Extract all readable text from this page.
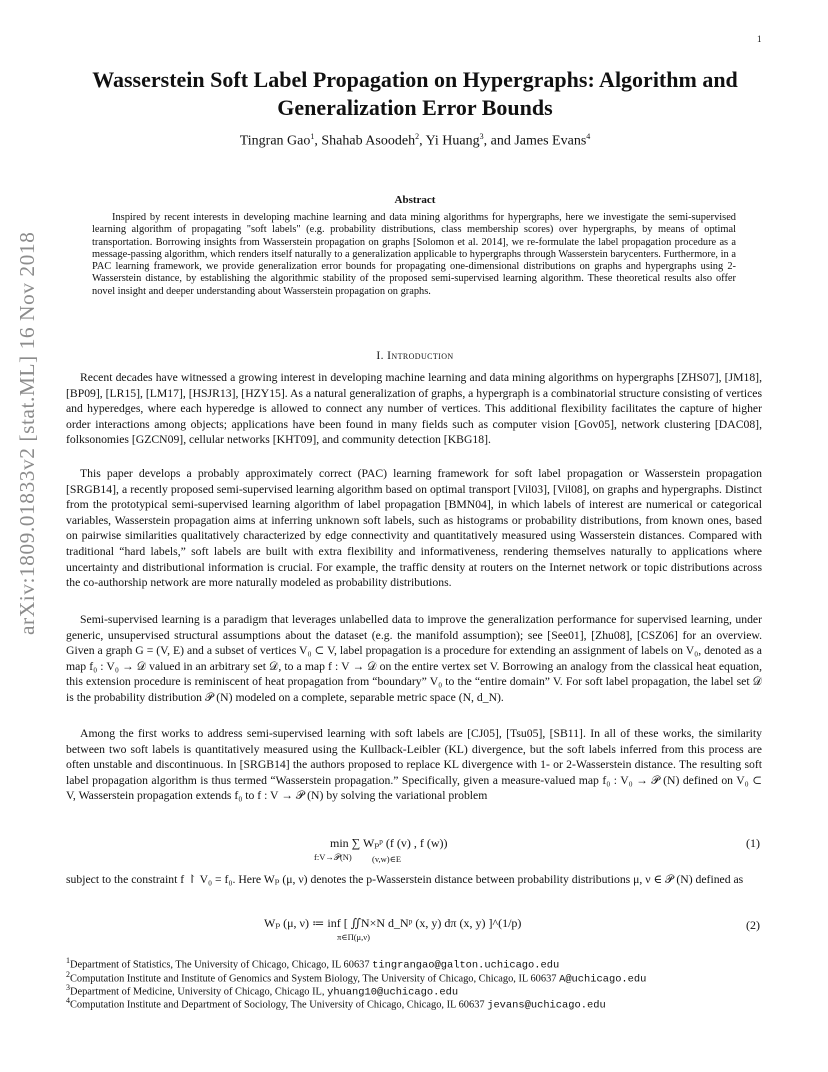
1
arXiv:1809.01833v2 [stat.ML] 16 Nov 2018
Wasserstein Soft Label Propagation on Hypergraphs: Algorithm and Generalization Error Bounds
Tingran Gao$^1$, Shahab Asoodeh$^2$, Yi Huang$^3$, and James Evans$^4$
Abstract
Inspired by recent interests in developing machine learning and data mining algorithms for hypergraphs, here we investigate the semi-supervised learning algorithm of propagating "soft labels" (e.g. probability distributions, class membership scores) over hypergraphs, by means of optimal transportation. Borrowing insights from Wasserstein propagation on graphs [Solomon et al. 2014], we re-formulate the label propagation procedure as a message-passing algorithm, which renders itself naturally to a generalization applicable to hypergraphs through Wasserstein barycenters. Furthermore, in a PAC learning framework, we provide generalization error bounds for propagating one-dimensional distributions on graphs and hypergraphs using 2-Wasserstein distance, by establishing the algorithmic stability of the proposed semi-supervised learning algorithm. These theoretical results also offer novel insight and deeper understanding about Wasserstein propagation on graphs.
I. Introduction
Recent decades have witnessed a growing interest in developing machine learning and data mining algorithms on hypergraphs [ZHS07], [JM18], [BP09], [LR15], [LM17], [HSJR13], [HZY15]. As a natural generalization of graphs, a hypergraph is a combinatorial structure consisting of vertices and hyperedges, where each hyperedge is allowed to connect any number of vertices. This additional flexibility facilitates the capture of higher order interactions among objects; applications have been found in many fields such as computer vision [Gov05], network clustering [DAC08], folksonomies [GZCN09], cellular networks [KHT09], and community detection [KBG18].
This paper develops a probably approximately correct (PAC) learning framework for soft label propagation or Wasserstein propagation [SRGB14], a recently proposed semi-supervised learning algorithm based on optimal transport [Vil03], [Vil08], on graphs and hypergraphs. Distinct from the prototypical semi-supervised learning algorithm of label propagation [BMN04], in which labels of interest are numerical or categorical variables, Wasserstein propagation aims at inferring unknown soft labels, such as histograms or probability distributions, from known ones, based on pairwise similarities qualitatively characterized by edge connectivity and quantitatively measured using Wasserstein distances. Compared with traditional “hard labels,” soft labels are built with extra flexibility and informativeness, rendering themselves naturally to applications where uncertainty and distributional information is crucial. For example, the traffic density at routers on the Internet network or topic distributions across the co-authorship network are more naturally modeled as probability distributions.
Semi-supervised learning is a paradigm that leverages unlabelled data to improve the generalization performance for supervised learning, under generic, unsupervised structural assumptions about the dataset (e.g. the manifold assumption); see [See01], [Zhu08], [CSZ06] for an overview. Given a graph G = (V, E) and a subset of vertices V₀ ⊂ V, label propagation is a procedure for extending an assignment of labels on V₀, denoted as a map f₀ : V₀ → 𝒟 valued in an arbitrary set 𝒟, to a map f : V → 𝒟 on the entire vertex set V. Borrowing an analogy from the classical heat equation, this extension procedure is reminiscent of heat propagation from “boundary” V₀ to the “entire domain” V. For soft label propagation, the label set 𝒟 is the probability distribution 𝒫 (N) modeled on a complete, separable metric space (N, d_N).
Among the first works to address semi-supervised learning with soft labels are [CJ05], [Tsu05], [SB11]. In all of these works, the similarity between two soft labels is quantitatively measured using the Kullback-Leibler (KL) divergence, but the soft labels inferred from this process are often unstable and discontinuous. In [SRGB14] the authors proposed to replace KL divergence with 1- or 2-Wasserstein distance. The resulting soft label propagation algorithm is thus termed “Wasserstein propagation.” Specifically, given a measure-valued map f₀ : V₀ → 𝒫 (N) defined on V₀ ⊂ V, Wasserstein propagation extends f₀ to f : V → 𝒫 (N) by solving the variational problem
min ∑ Wₚᵖ (f (v) , f (w))
f:V→𝒫(N) (v,w)∈E
(1)
subject to the constraint f ↾ V₀ = f₀. Here Wₚ (μ, ν) denotes the p-Wasserstein distance between probability distributions μ, ν ∈ 𝒫 (N) defined as
Wₚ (μ, ν) ≔ inf [ ∬N×N d_Nᵖ (x, y) dπ (x, y) ]^(1/p)
π∈Π(μ,ν)
(2)
$^1$Department of Statistics, The University of Chicago, Chicago, IL 60637 tingrangao@galton.uchicago.edu
$^2$Computation Institute and Institute of Genomics and System Biology, The University of Chicago, Chicago, IL 60637 A@uchicago.edu
$^3$Department of Medicine, University of Chicago, Chicago IL, yhuang10@uchicago.edu
$^4$Computation Institute and Department of Sociology, The University of Chicago, Chicago, IL 60637 jevans@uchicago.edu
